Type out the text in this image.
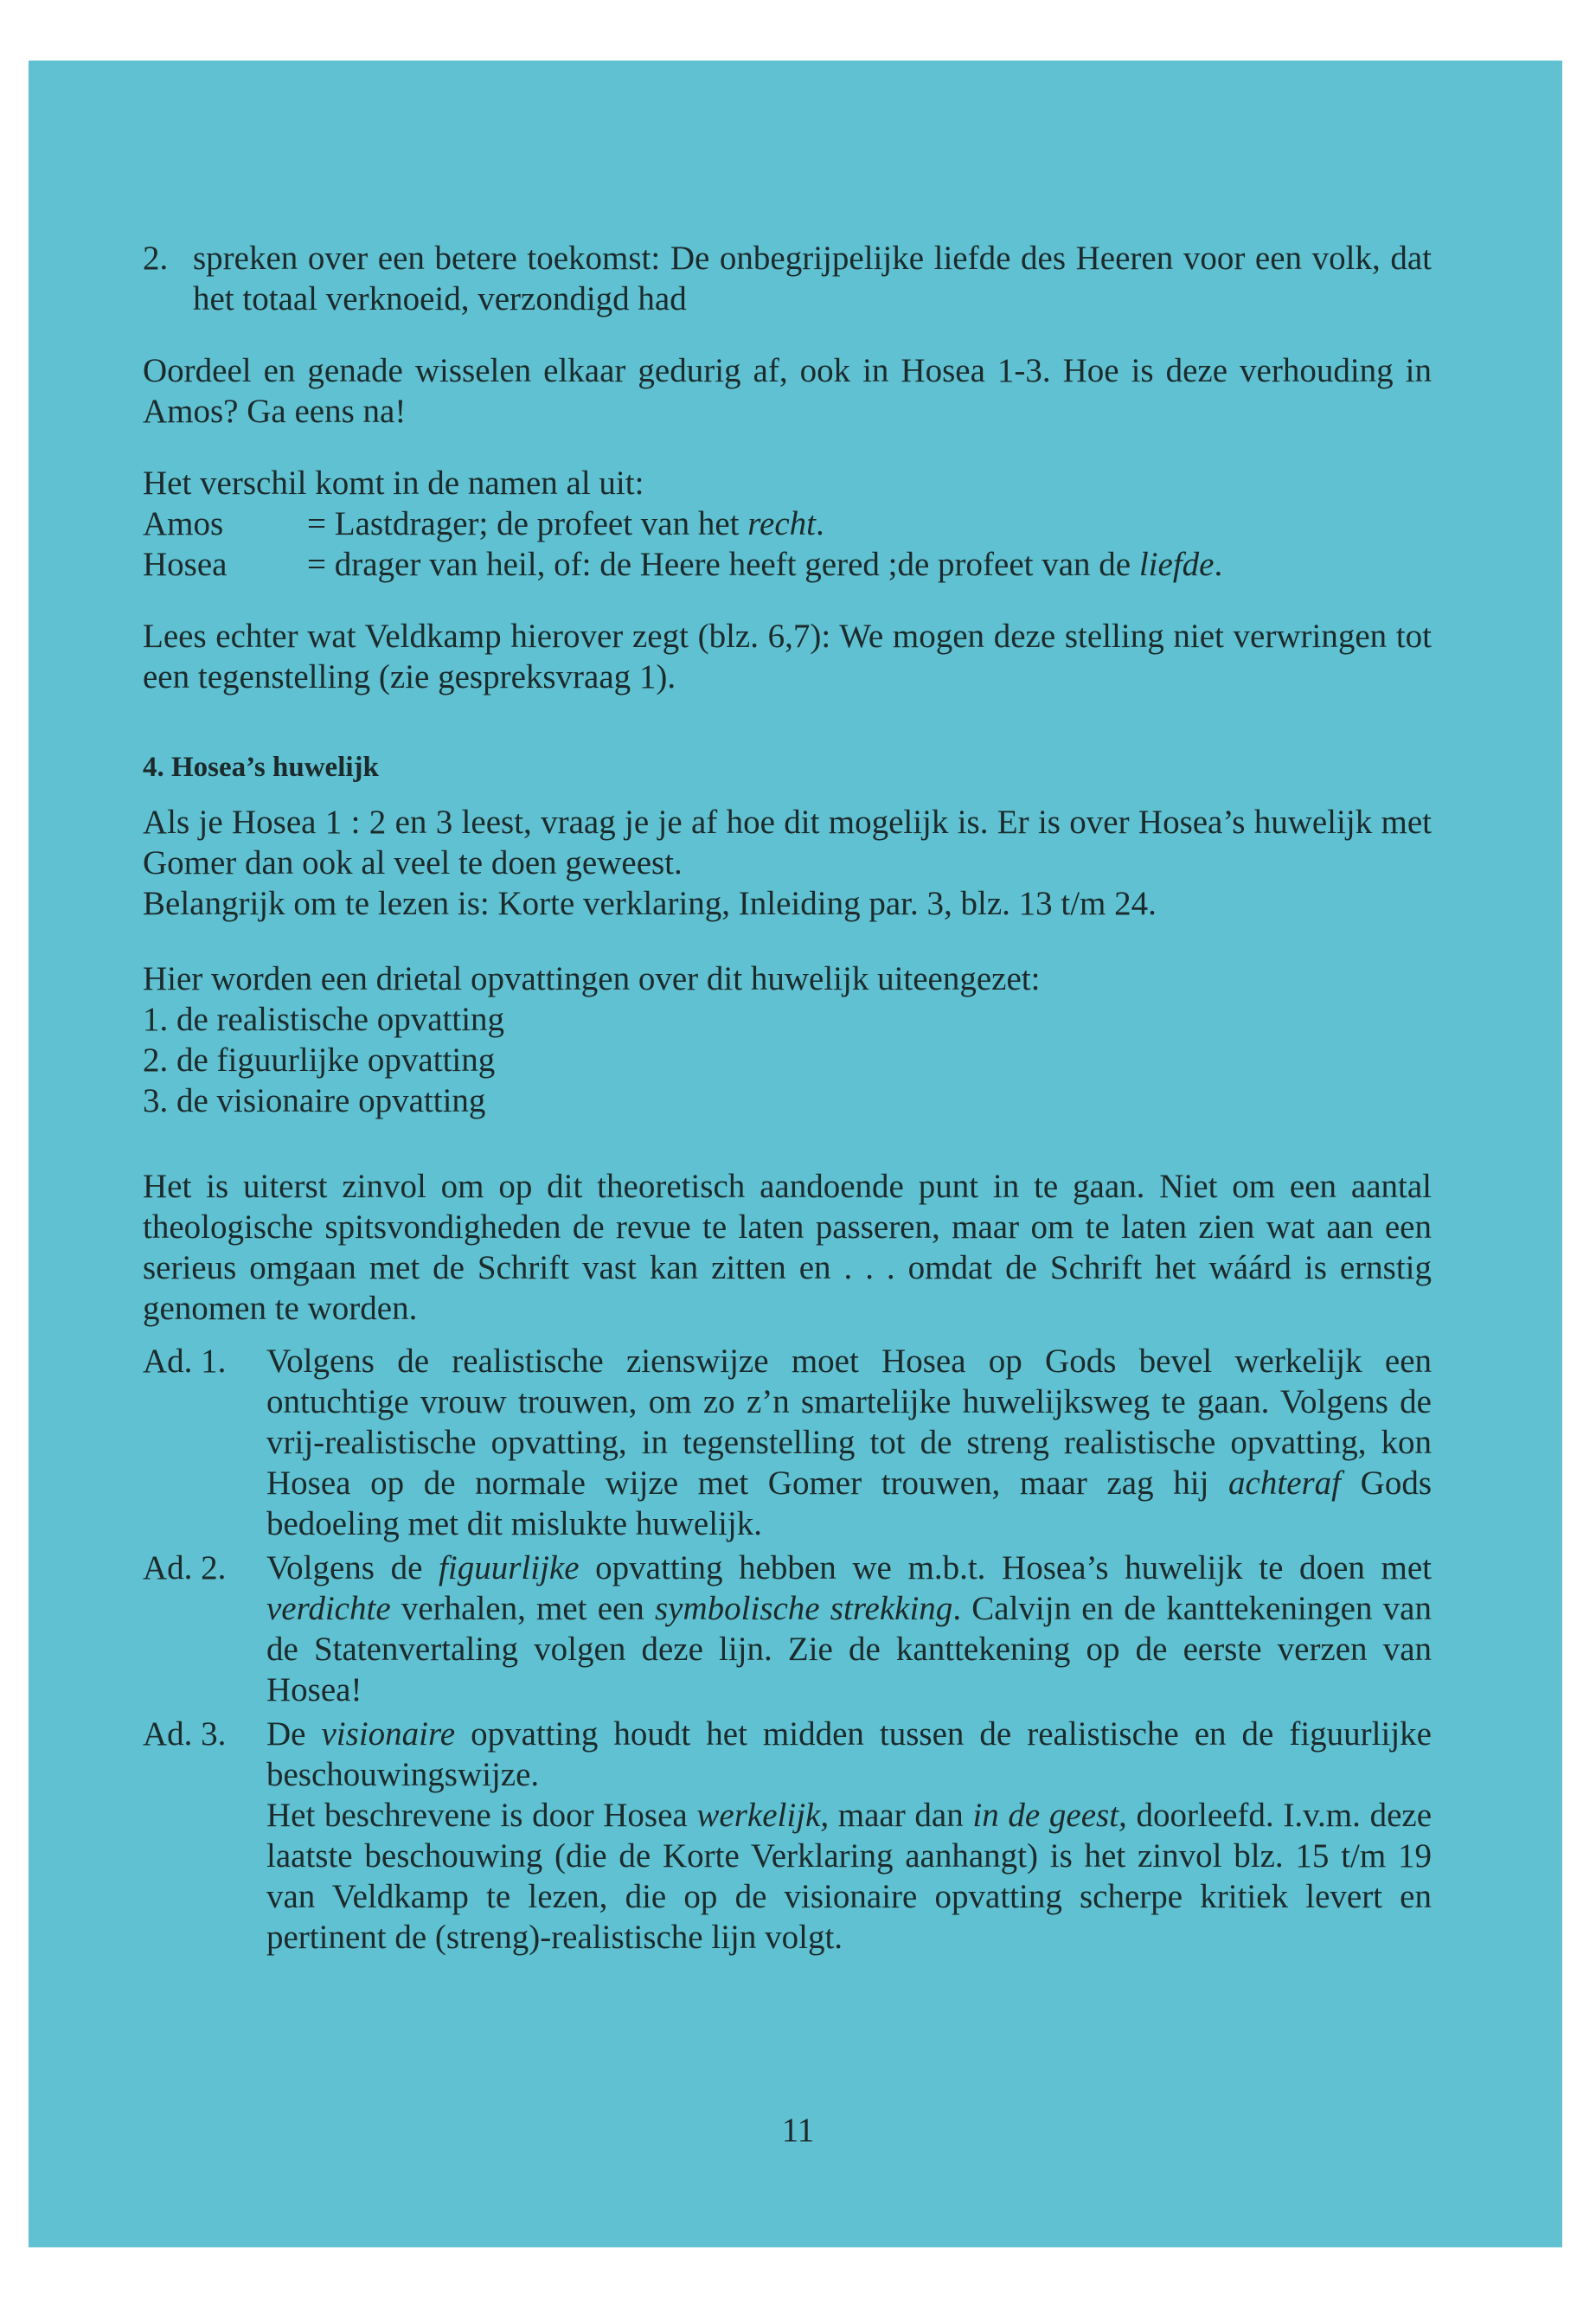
2. spreken over een betere toekomst: De onbegrijpelijke liefde des Heeren voor een volk, dat het totaal verknoeid, verzondigd had

Oordeel en genade wisselen elkaar gedurig af, ook in Hosea 1-3. Hoe is deze verhouding in Amos? Ga eens na!

Het verschil komt in de namen al uit:

Amos	= Lastdrager; de profeet van het recht.
Hosea	= drager van heil, of: de Heere heeft gered ;de profeet van de liefde.

Lees echter wat Veldkamp hierover zegt (blz. 6,7): We mogen deze stelling niet verwringen tot een tegenstelling (zie gespreksvraag 1).

4. Hosea’s huwelijk

Als je Hosea 1 : 2 en 3 leest, vraag je je af hoe dit mogelijk is. Er is over Hosea’s huwelijk met Gomer dan ook al veel te doen geweest.

Belangrijk om te lezen is: Korte verklaring, Inleiding par. 3, blz. 13 t/m 24.

Hier worden een drietal opvattingen over dit huwelijk uiteengezet:

1. de realistische opvatting
2. de figuurlijke opvatting
3. de visionaire opvatting

Het is uiterst zinvol om op dit theoretisch aandoende punt in te gaan. Niet om een aantal theologische spitsvondigheden de revue te laten passeren, maar om te laten zien wat aan een serieus omgaan met de Schrift vast kan zitten en . . . omdat de Schrift het wáárd is ernstig genomen te worden.

Ad. 1.	Volgens de realistische zienswijze moet Hosea op Gods bevel werkelijk een ontuchtige vrouw trouwen, om zo z’n smartelijke huwelijksweg te gaan. Volgens de vrij-realistische opvatting, in tegenstelling tot de streng realistische opvatting, kon Hosea op de normale wijze met Gomer trouwen, maar zag hij achteraf Gods bedoeling met dit mislukte huwelijk.
Ad. 2.	Volgens de figuurlijke opvatting hebben we m.b.t. Hosea’s huwelijk te doen met verdichte verhalen, met een symbolische strekking. Calvijn en de kanttekeningen van de Statenvertaling volgen deze lijn. Zie de kanttekening op de eerste verzen van Hosea!
Ad. 3.	De visionaire opvatting houdt het midden tussen de realistische en de figuurlijke beschouwingswijze.
Het beschrevene is door Hosea werkelijk, maar dan in de geest, doorleefd. I.v.m. deze laatste beschouwing (die de Korte Verklaring aanhangt) is het zinvol blz. 15 t/m 19 van Veldkamp te lezen, die op de visionaire opvatting scherpe kritiek levert en pertinent de (streng)-realistische lijn volgt.
11
